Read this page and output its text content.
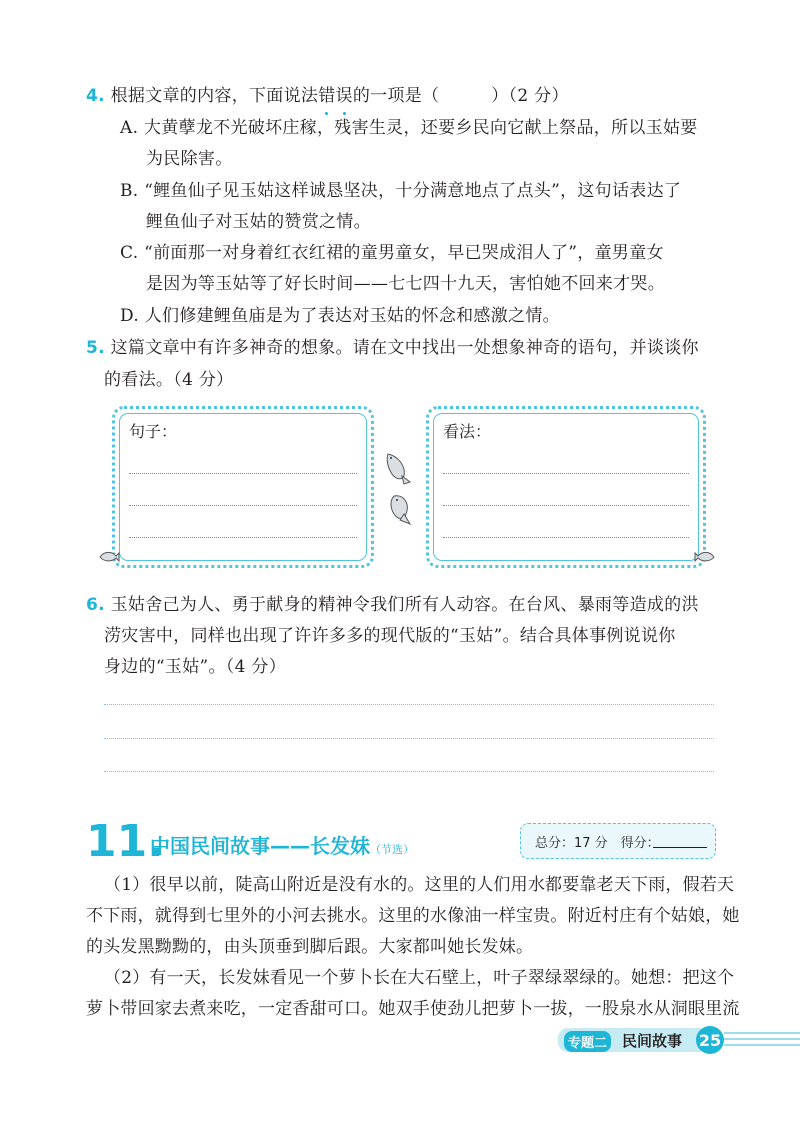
4. 根据文章的内容，下面说法错误的一项是（　　　）（2 分）
A. 大黄孽龙不光破坏庄稼，残害生灵，还要乡民向它献上祭品，所以玉姑要
为民除害。
B. “鲤鱼仙子见玉姑这样诚恳坚决，十分满意地点了点头”，这句话表达了
鲤鱼仙子对玉姑的赞赏之情。
C. “前面那一对身着红衣红裙的童男童女，早已哭成泪人了”，童男童女
是因为等玉姑等了好长时间——七七四十九天，害怕她不回来才哭。
D. 人们修建鲤鱼庙是为了表达对玉姑的怀念和感激之情。
5. 这篇文章中有许多神奇的想象。请在文中找出一处想象神奇的语句，并谈谈你
的看法。（4 分）
句子：	看法：
6. 玉姑舍己为人、勇于献身的精神令我们所有人动容。在台风、暴雨等造成的洪
涝灾害中，同样也出现了许许多多的现代版的“玉姑”。结合具体事例说说你
身边的“玉姑”。（4 分）
11.
中国民间故事——长发妹（节选）	总分：17 分　得分：
（1）很早以前，陡高山附近是没有水的。这里的人们用水都要靠老天下雨，假若天
不下雨，就得到七里外的小河去挑水。这里的水像油一样宝贵。附近村庄有个姑娘，她
的头发黑黝黝的，由头顶垂到脚后跟。大家都叫她长发妹。
（2）有一天，长发妹看见一个萝卜长在大石壁上，叶子翠绿翠绿的。她想：把这个
萝卜带回家去煮来吃，一定香甜可口。她双手使劲儿把萝卜一拔，一股泉水从洞眼里流
专题二 民间故事 25
